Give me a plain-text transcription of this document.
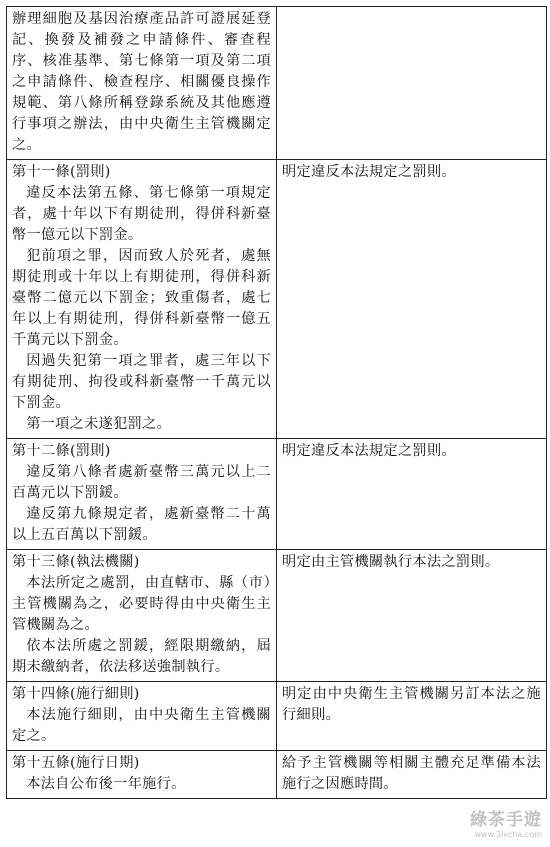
辦理細胞及基因治療產品許可證展延登記、換發及補發之申請條件、審查程序、核准基準、第七條第一項及第二項之申請條件、檢查程序、相關優良操作規範、第八條所稱登錄系統及其他應遵行事項之辦法，由中央衛生主管機關定之。	

第十一條(罰則)
違反本法第五條、第七條第一項規定者，處十年以下有期徒刑，得併科新臺幣一億元以下罰金。
犯前項之罪，因而致人於死者，處無期徒刑或十年以上有期徒刑，得併科新臺幣二億元以下罰金；致重傷者，處七年以上有期徒刑，得併科新臺幣一億五千萬元以下罰金。
因過失犯第一項之罪者，處三年以下有期徒刑、拘役或科新臺幣一千萬元以下罰金。
第一項之未遂犯罰之。	明定違反本法規定之罰則。

第十二條(罰則)
違反第八條者處新臺幣三萬元以上二百萬元以下罰鍰。
違反第九條規定者，處新臺幣二十萬以上五百萬以下罰鍰。	明定違反本法規定之罰則。

第十三條(執法機關)
本法所定之處罰，由直轄市、縣（市）主管機關為之，必要時得由中央衛生主管機關為之。
依本法所處之罰鍰，經限期繳納，屆期未繳納者，依法移送強制執行。	明定由主管機關執行本法之罰則。

第十四條(施行細則)
本法施行細則，由中央衛生主管機關定之。	明定由中央衛生主管機關另訂本法之施行細則。

第十五條(施行日期)
本法自公布後一年施行。	給予主管機關等相關主體充足準備本法施行之因應時間。
綠茶手遊
www.3lvcha.com
